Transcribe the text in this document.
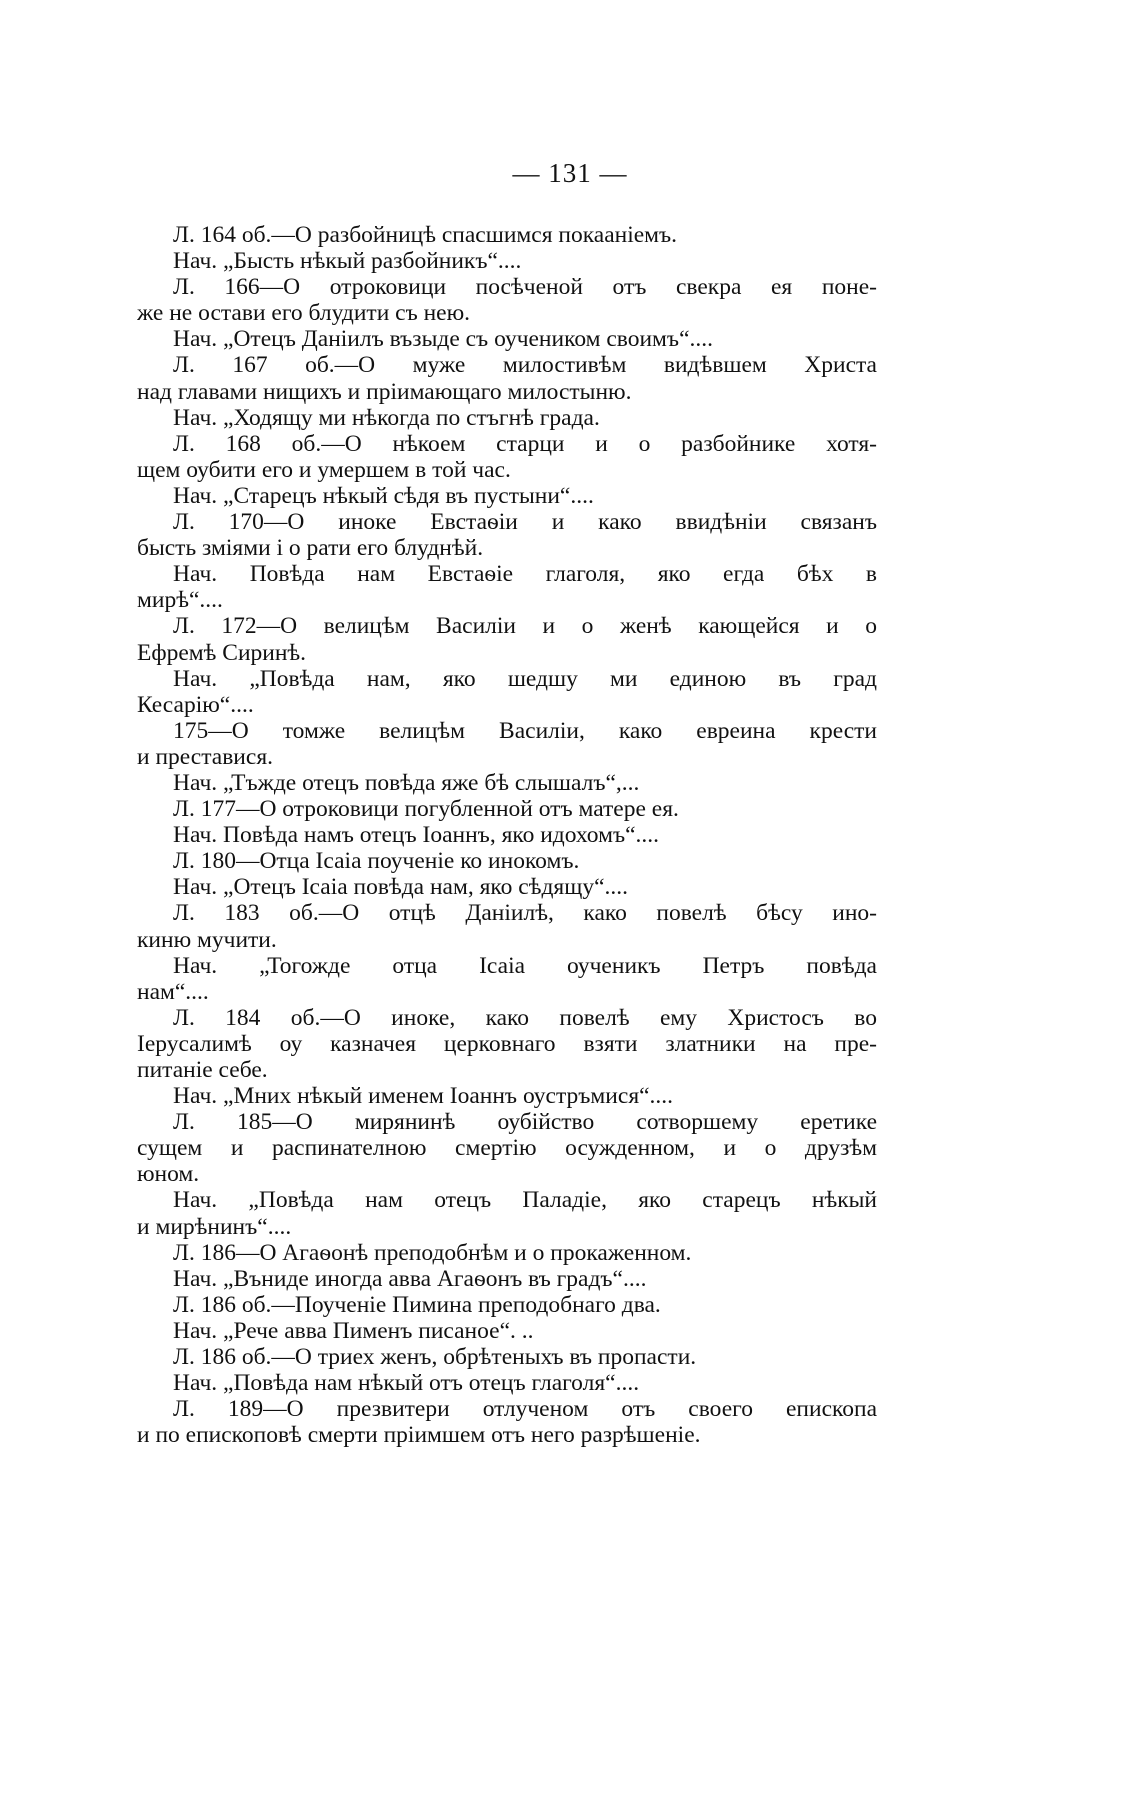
— 131 —
Л. 164 об.—О разбойницѣ спасшимся покааніемъ.
Нач. „Бысть нѣкый разбойникъ“....
Л. 166—О отроковици посѣченой отъ свекра ея поне-
же не остави его блудити съ нею.
Нач. „Отецъ Даніилъ възыде съ оучеником своимъ“....
Л. 167 об.—О муже милостивѣм видѣвшем Христа
над главами нищихъ и пріимающаго милостыню.
Нач. „Ходящу ми нѣкогда по стъгнѣ града.
Л. 168 об.—О нѣкоем старци и о разбойнике хотя-
щем оубити его и умершем в той час.
Нач. „Старецъ нѣкый сѣдя въ пустыни“....
Л. 170—О иноке Евстаѳіи и како ввидѣніи связанъ
бысть зміями і о рати его блуднѣй.
Нач. Повѣда нам Евстаѳіе глаголя, яко егда бѣх в
мирѣ“....
Л. 172—О велицѣм Василіи и о женѣ кающейся и о
Ефремѣ Сиринѣ.
Нач. „Повѣда нам, яко шедшу ми единою въ град
Кесарію“....
175—О томже велицѣм Василіи, како евреина крести
и преставися.
Нач. „Тъжде отецъ повѣда яже бѣ слышалъ“,...
Л. 177—О отроковици погубленной отъ матере ея.
Нач. Повѣда намъ отецъ Іоаннъ, яко идохомъ“....
Л. 180—Отца Ісаіа поученіе ко инокомъ.
Нач. „Отецъ Ісаіа повѣда нам, яко сѣдящу“....
Л. 183 об.—О отцѣ Даніилѣ, како повелѣ бѣсу ино-
киню мучити.
Нач. „Тогожде отца Ісаіа оученикъ Петръ повѣда
нам“....
Л. 184 об.—О иноке, како повелѣ ему Христосъ во
Іерусалимѣ оу казначея церковнаго взяти златники на пре-
питаніе себе.
Нач. „Мних нѣкый именем Іоаннъ оустръмися“....
Л. 185—О мирянинѣ оубійство сотворшему еретике
сущем и распинателною смертію осужденном, и о друзѣм
юном.
Нач. „Повѣда нам отецъ Паладіе, яко старецъ нѣкый
и мирѣнинъ“....
Л. 186—О Агаѳонѣ преподобнѣм и о прокаженном.
Нач. „Въниде иногда авва Агаѳонъ въ градъ“....
Л. 186 об.—Поученіе Пимина преподобнаго два.
Нач. „Рече авва Пименъ писаное“. ..
Л. 186 об.—О триех женъ, обрѣтеныхъ въ пропасти.
Нач. „Повѣда нам нѣкый отъ отецъ глаголя“....
Л. 189—О презвитери отлученом отъ своего епископа
и по епископовѣ смерти пріимшем отъ него разрѣшеніе.
